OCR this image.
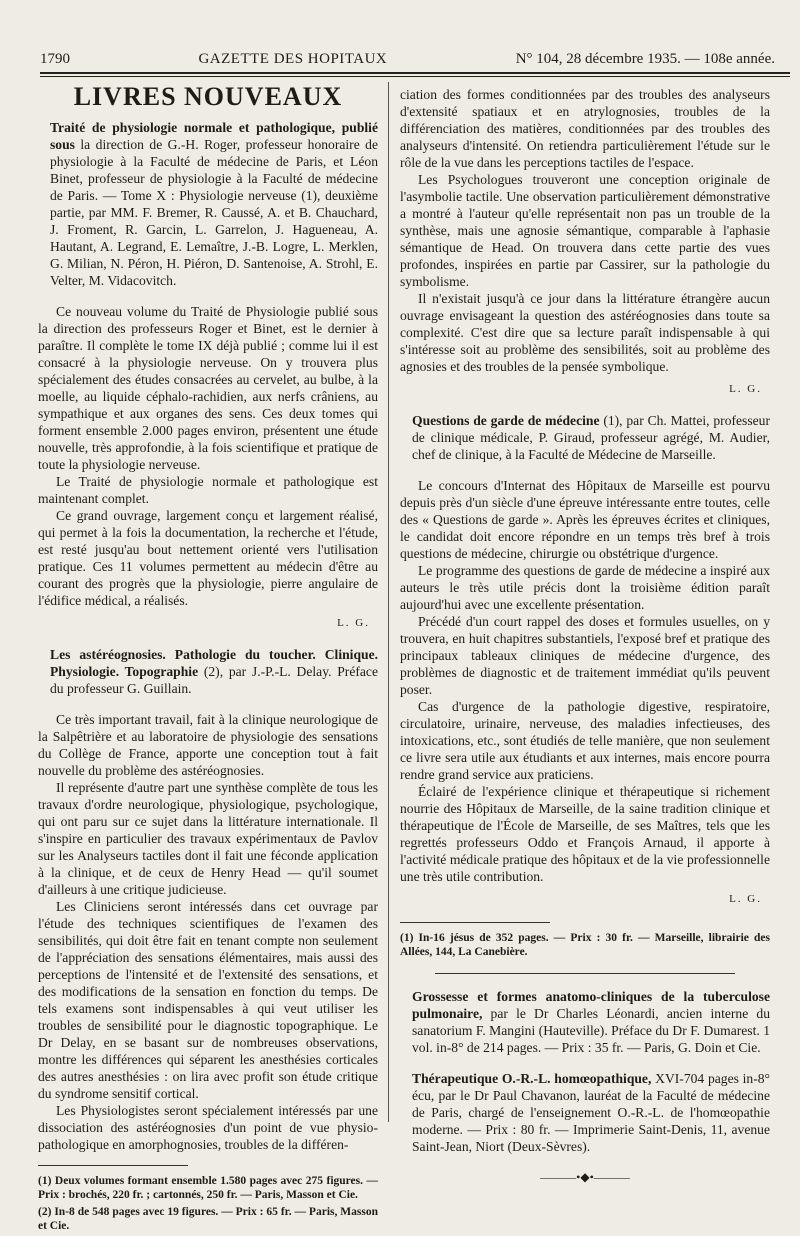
1790	GAZETTE DES HOPITAUX	N° 104, 28 décembre 1935. — 108e année.
LIVRES NOUVEAUX

Traité de physiologie normale et pathologique, publié sous la direction de G.-H. Roger, professeur honoraire de physiologie à la Faculté de médecine de Paris, et Léon Binet, professeur de physiologie à la Faculté de médecine de Paris. — Tome X : Physiologie nerveuse (1), deuxième partie, par MM. F. Bremer, R. Caussé, A. et B. Chauchard, J. Froment, R. Garcin, L. Garrelon, J. Hagueneau, A. Hautant, A. Legrand, E. Lemaître, J.-B. Logre, L. Merklen, G. Milian, N. Péron, H. Piéron, D. Santenoise, A. Strohl, E. Velter, M. Vidacovitch.

Ce nouveau volume du Traité de Physiologie publié sous la direction des professeurs Roger et Binet, est le dernier à paraître. Il complète le tome IX déjà publié ; comme lui il est consacré à la physiologie nerveuse. On y trouvera plus spécialement des études consacrées au cervelet, au bulbe, à la moelle, au liquide céphalo-rachidien, aux nerfs crâniens, au sympathique et aux organes des sens. Ces deux tomes qui forment ensemble 2.000 pages environ, présentent une étude nouvelle, très approfondie, à la fois scientifique et pratique de toute la physiologie nerveuse.

Le Traité de physiologie normale et pathologique est maintenant complet.

Ce grand ouvrage, largement conçu et largement réalisé, qui permet à la fois la documentation, la recherche et l'étude, est resté jusqu'au bout nettement orienté vers l'utilisation pratique. Ces 11 volumes permettent au médecin d'être au courant des progrès que la physiologie, pierre angulaire de l'édifice médical, a réalisés.

L. G.

Les astéréognosies. Pathologie du toucher. Clinique. Physiologie. Topographie (2), par J.-P.-L. Delay. Préface du professeur G. Guillain.

Ce très important travail, fait à la clinique neurologique de la Salpêtrière et au laboratoire de physiologie des sensations du Collège de France, apporte une conception tout à fait nouvelle du problème des astéréognosies.

Il représente d'autre part une synthèse complète de tous les travaux d'ordre neurologique, physiologique, psychologique, qui ont paru sur ce sujet dans la littérature internationale. Il s'inspire en particulier des travaux expérimentaux de Pavlov sur les Analyseurs tactiles dont il fait une féconde application à la clinique, et de ceux de Henry Head — qu'il soumet d'ailleurs à une critique judicieuse.

Les Cliniciens seront intéressés dans cet ouvrage par l'étude des techniques scientifiques de l'examen des sensibilités, qui doit être fait en tenant compte non seulement de l'appréciation des sensations élémentaires, mais aussi des perceptions de l'intensité et de l'extensité des sensations, et des modifications de la sensation en fonction du temps. De tels examens sont indispensables à qui veut utiliser les troubles de sensibilité pour le diagnostic topographique. Le Dr Delay, en se basant sur de nombreuses observations, montre les différences qui séparent les anesthésies corticales des autres anesthésies : on lira avec profit son étude critique du syndrome sensitif cortical.

Les Physiologistes seront spécialement intéressés par une dissociation des astéréognosies d'un point de vue physio-pathologique en amorphognosies, troubles de la différen-

(1) Deux volumes formant ensemble 1.580 pages avec 275 figures. — Prix : brochés, 220 fr. ; cartonnés, 250 fr. — Paris, Masson et Cie.

(2) In-8 de 548 pages avec 19 figures. — Prix : 65 fr. — Paris, Masson et Cie.

ciation des formes conditionnées par des troubles des analyseurs d'extensité spatiaux et en atrylognosies, troubles de la différenciation des matières, conditionnées par des troubles des analyseurs d'intensité. On retiendra particulièrement l'étude sur le rôle de la vue dans les perceptions tactiles de l'espace.

Les Psychologues trouveront une conception originale de l'asymbolie tactile. Une observation particulièrement démonstrative a montré à l'auteur qu'elle représentait non pas un trouble de la synthèse, mais une agnosie sémantique, comparable à l'aphasie sémantique de Head. On trouvera dans cette partie des vues profondes, inspirées en partie par Cassirer, sur la pathologie du symbolisme.

Il n'existait jusqu'à ce jour dans la littérature étrangère aucun ouvrage envisageant la question des astéréognosies dans toute sa complexité. C'est dire que sa lecture paraît indispensable à qui s'intéresse soit au problème des sensibilités, soit au problème des agnosies et des troubles de la pensée symbolique.

L. G.

Questions de garde de médecine (1), par Ch. Mattei, professeur de clinique médicale, P. Giraud, professeur agrégé, M. Audier, chef de clinique, à la Faculté de Médecine de Marseille.

Le concours d'Internat des Hôpitaux de Marseille est pourvu depuis près d'un siècle d'une épreuve intéressante entre toutes, celle des « Questions de garde ». Après les épreuves écrites et cliniques, le candidat doit encore répondre en un temps très bref à trois questions de médecine, chirurgie ou obstétrique d'urgence.

Le programme des questions de garde de médecine a inspiré aux auteurs le très utile précis dont la troisième édition paraît aujourd'hui avec une excellente présentation.

Précédé d'un court rappel des doses et formules usuelles, on y trouvera, en huit chapitres substantiels, l'exposé bref et pratique des principaux tableaux cliniques de médecine d'urgence, des problèmes de diagnostic et de traitement immédiat qu'ils peuvent poser.

Cas d'urgence de la pathologie digestive, respiratoire, circulatoire, urinaire, nerveuse, des maladies infectieuses, des intoxications, etc., sont étudiés de telle manière, que non seulement ce livre sera utile aux étudiants et aux internes, mais encore pourra rendre grand service aux praticiens.

Éclairé de l'expérience clinique et thérapeutique si richement nourrie des Hôpitaux de Marseille, de la saine tradition clinique et thérapeutique de l'École de Marseille, de ses Maîtres, tels que les regrettés professeurs Oddo et François Arnaud, il apporte à l'activité médicale pratique des hôpitaux et de la vie professionnelle une très utile contribution.

L. G.

(1) In-16 jésus de 352 pages. — Prix : 30 fr. — Marseille, librairie des Allées, 144, La Canebière.

Grossesse et formes anatomo-cliniques de la tuberculose pulmonaire, par le Dr Charles Léonardi, ancien interne du sanatorium F. Mangini (Hauteville). Préface du Dr F. Dumarest. 1 vol. in-8° de 214 pages. — Prix : 35 fr. — Paris, G. Doin et Cie.

Thérapeutique O.-R.-L. homœopathique, XVI-704 pages in-8° écu, par le Dr Paul Chavanon, lauréat de la Faculté de médecine de Paris, chargé de l'enseignement O.-R.-L. de l'homœopathie moderne. — Prix : 80 fr. — Imprimerie Saint-Denis, 11, avenue Saint-Jean, Niort (Deux-Sèvres).

———•◆•———
